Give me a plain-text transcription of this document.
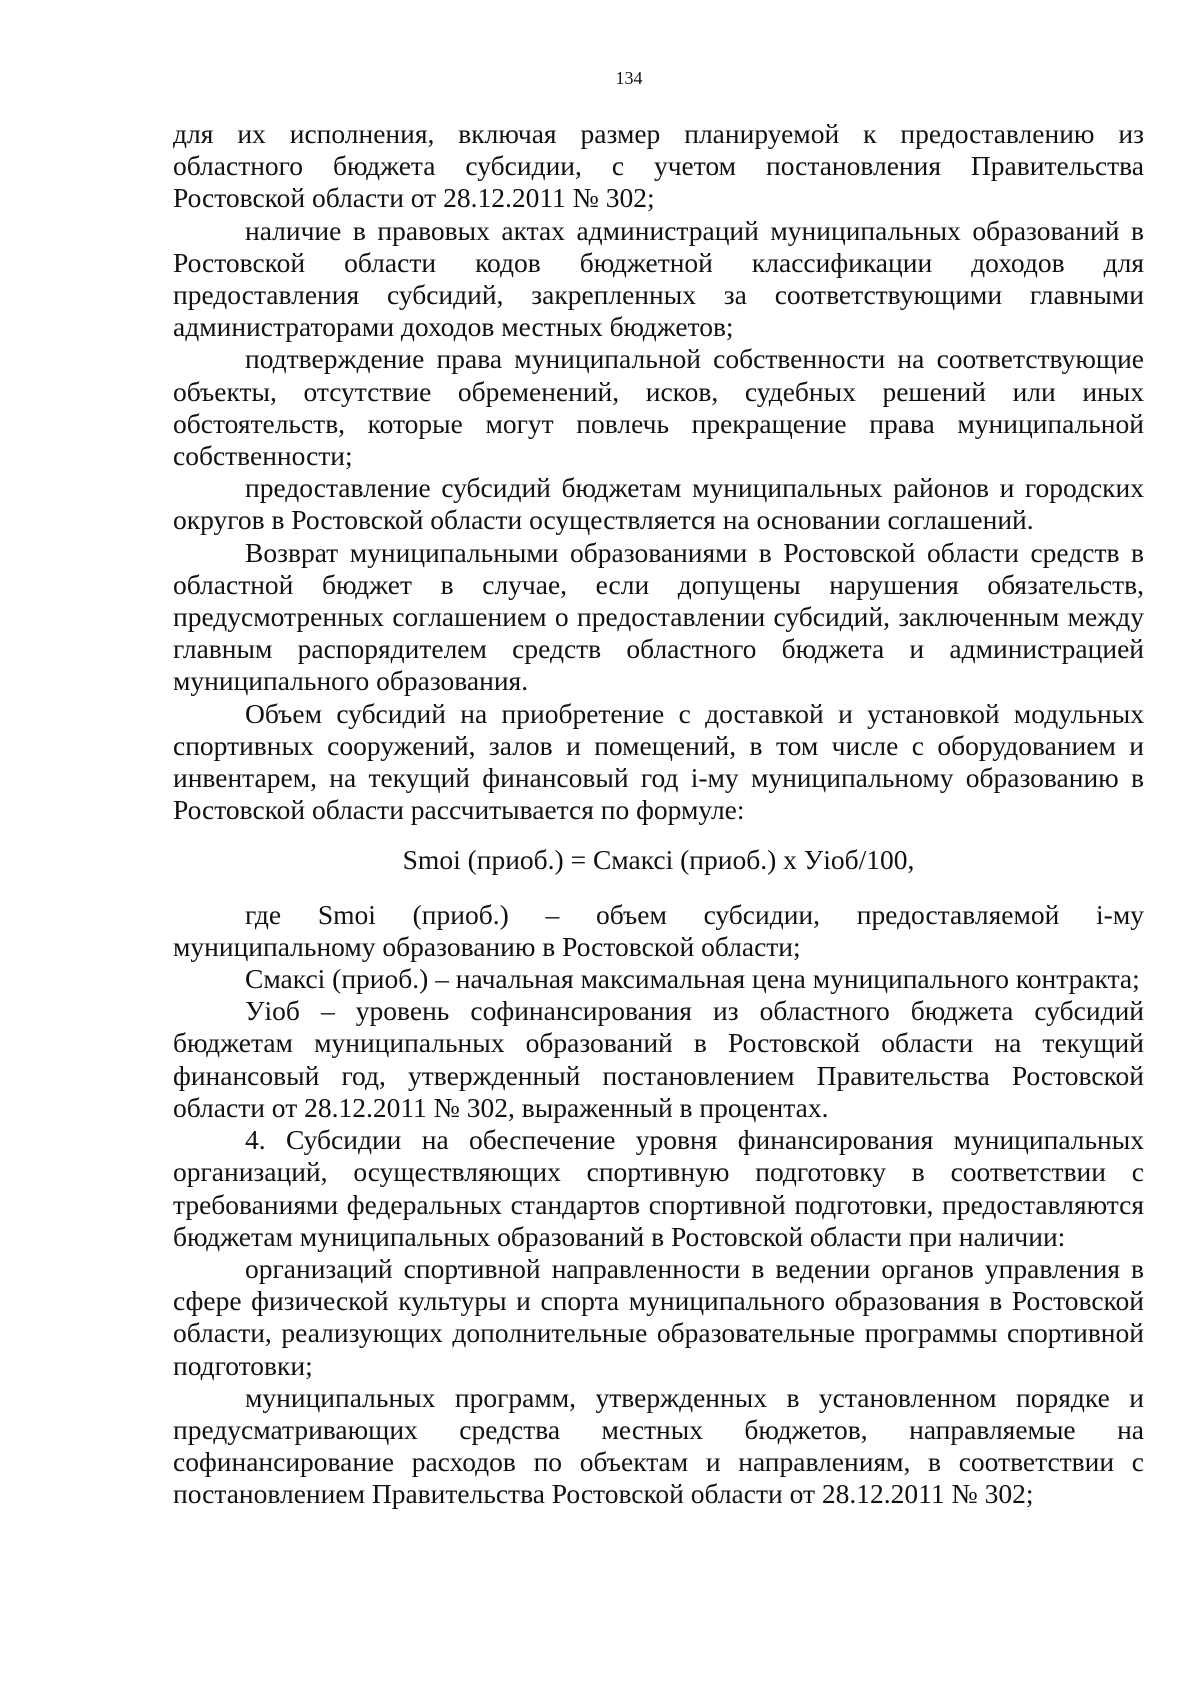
134

для их исполнения, включая размер планируемой к предоставлению из областного бюджета субсидии, с учетом постановления Правительства Ростовской области от 28.12.2011 № 302;

наличие в правовых актах администраций муниципальных образований в Ростовской области кодов бюджетной классификации доходов для предоставления субсидий, закрепленных за соответствующими главными администраторами доходов местных бюджетов;

подтверждение права муниципальной собственности на соответствующие объекты, отсутствие обременений, исков, судебных решений или иных обстоятельств, которые могут повлечь прекращение права муниципальной собственности;

предоставление субсидий бюджетам муниципальных районов и городских округов в Ростовской области осуществляется на основании соглашений.

Возврат муниципальными образованиями в Ростовской области средств в областной бюджет в случае, если допущены нарушения обязательств, предусмотренных соглашением о предоставлении субсидий, заключенным между главным распорядителем средств областного бюджета и администрацией муниципального образования.

Объем субсидий на приобретение с доставкой и установкой модульных спортивных сооружений, залов и помещений, в том числе с оборудованием и инвентарем, на текущий финансовый год i-му муниципальному образованию в Ростовской области рассчитывается по формуле:

Smoi (приоб.) = Смаксi (приоб.) х Уiоб/100,

где Smoi (приоб.) – объем субсидии, предоставляемой i-му муниципальному образованию в Ростовской области;

Смаксi (приоб.) – начальная максимальная цена муниципального контракта;

Уiоб – уровень софинансирования из областного бюджета субсидий бюджетам муниципальных образований в Ростовской области на текущий финансовый год, утвержденный постановлением Правительства Ростовской области от 28.12.2011 № 302, выраженный в процентах.

4. Субсидии на обеспечение уровня финансирования муниципальных организаций, осуществляющих спортивную подготовку в соответствии с требованиями федеральных стандартов спортивной подготовки, предоставляются бюджетам муниципальных образований в Ростовской области при наличии:

организаций спортивной направленности в ведении органов управления в сфере физической культуры и спорта муниципального образования в Ростовской области, реализующих дополнительные образовательные программы спортивной подготовки;

муниципальных программ, утвержденных в установленном порядке и предусматривающих средства местных бюджетов, направляемые на софинансирование расходов по объектам и направлениям, в соответствии с постановлением Правительства Ростовской области от 28.12.2011 № 302;
